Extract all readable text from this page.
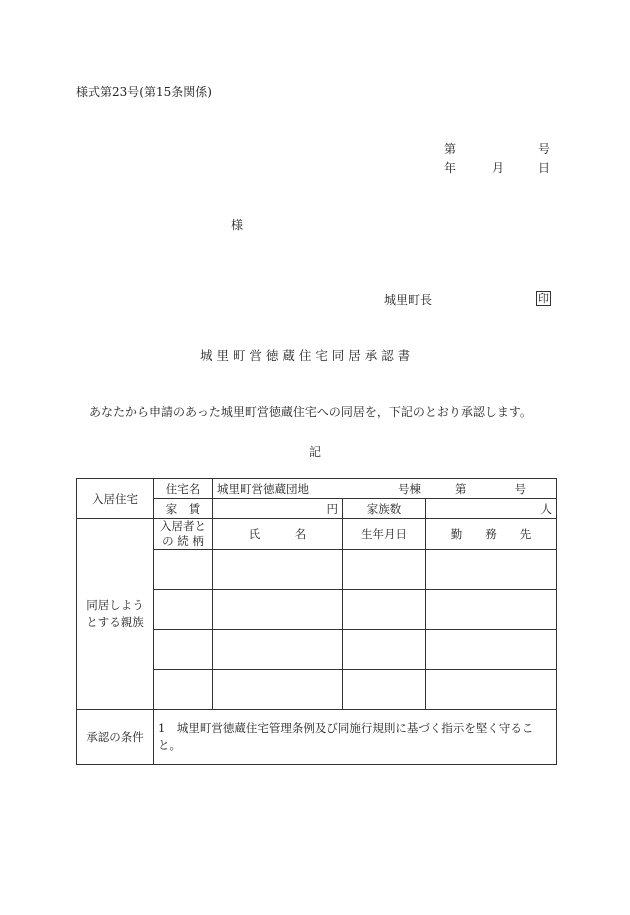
様式第23号(第15条関係)
第	号
年	月	日
様
城里町長	印
城 里 町 営 徳 蔵 住 宅 同 居 承 認 書
あなたから申請のあった城里町営徳蔵住宅への同居を，下記のとおり承認します。
記
入居住宅	住宅名	城里町営徳蔵団地 号棟 第 号		

	家　賃	円	家族数	人
同居しようとする親族	入居者との 続 柄	氏　　　名	生年月日	勤　　務　　先

承認の条件	1　城里町営徳蔵住宅管理条例及び同施行規則に基づく指示を堅く守ること。			
